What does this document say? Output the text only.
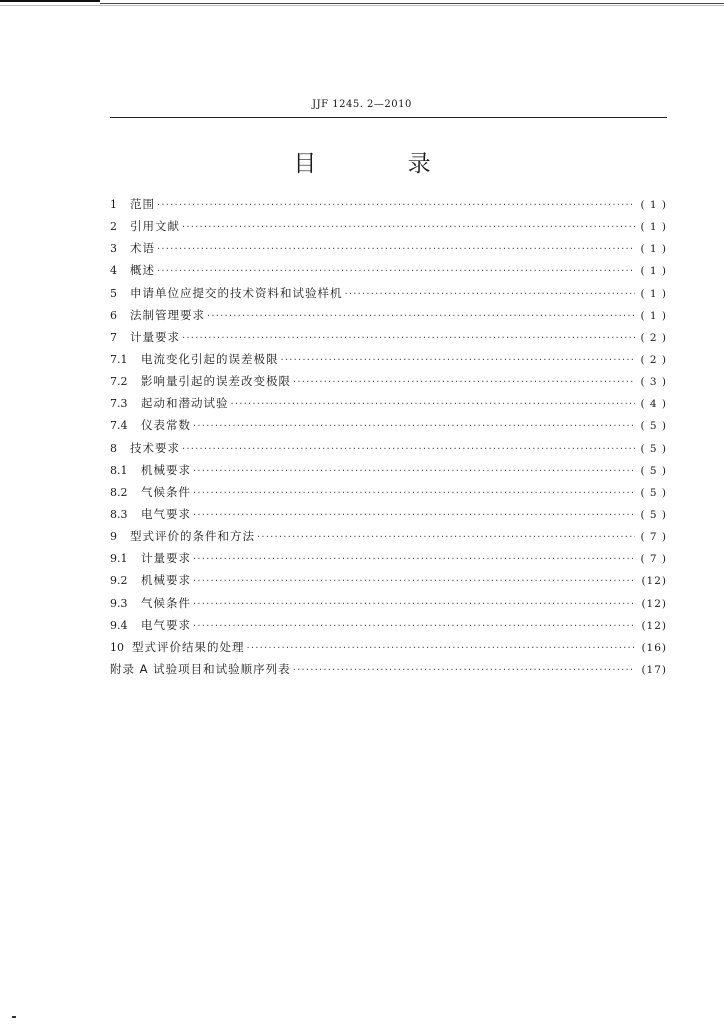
JJF 1245. 2—2010
目 录
1	范围 ·····	( 1 )
2	引用文献 ·····	( 1 )
3	术语 ·····	( 1 )
4	概述 ·····	( 1 )
5	申请单位应提交的技术资料和试验样机 ·····	( 1 )
6	法制管理要求 ·····	( 1 )
7	计量要求 ·····	( 2 )
7.1	电流变化引起的误差极限 ·····	( 2 )
7.2	影响量引起的误差改变极限 ·····	( 3 )
7.3	起动和潜动试验 ·····	( 4 )
7.4	仪表常数 ·····	( 5 )
8	技术要求 ·····	( 5 )
8.1	机械要求 ·····	( 5 )
8.2	气候条件 ·····	( 5 )
8.3	电气要求 ·····	( 5 )
9	型式评价的条件和方法 ·····	( 7 )
9.1	计量要求 ·····	( 7 )
9.2	机械要求 ·····	(12)
9.3	气候条件 ·····	(12)
9.4	电气要求 ·····	(12)
10 型式评价结果的处理 ·····	(16)
附录 A 试验项目和试验顺序列表 ·····	(17)
